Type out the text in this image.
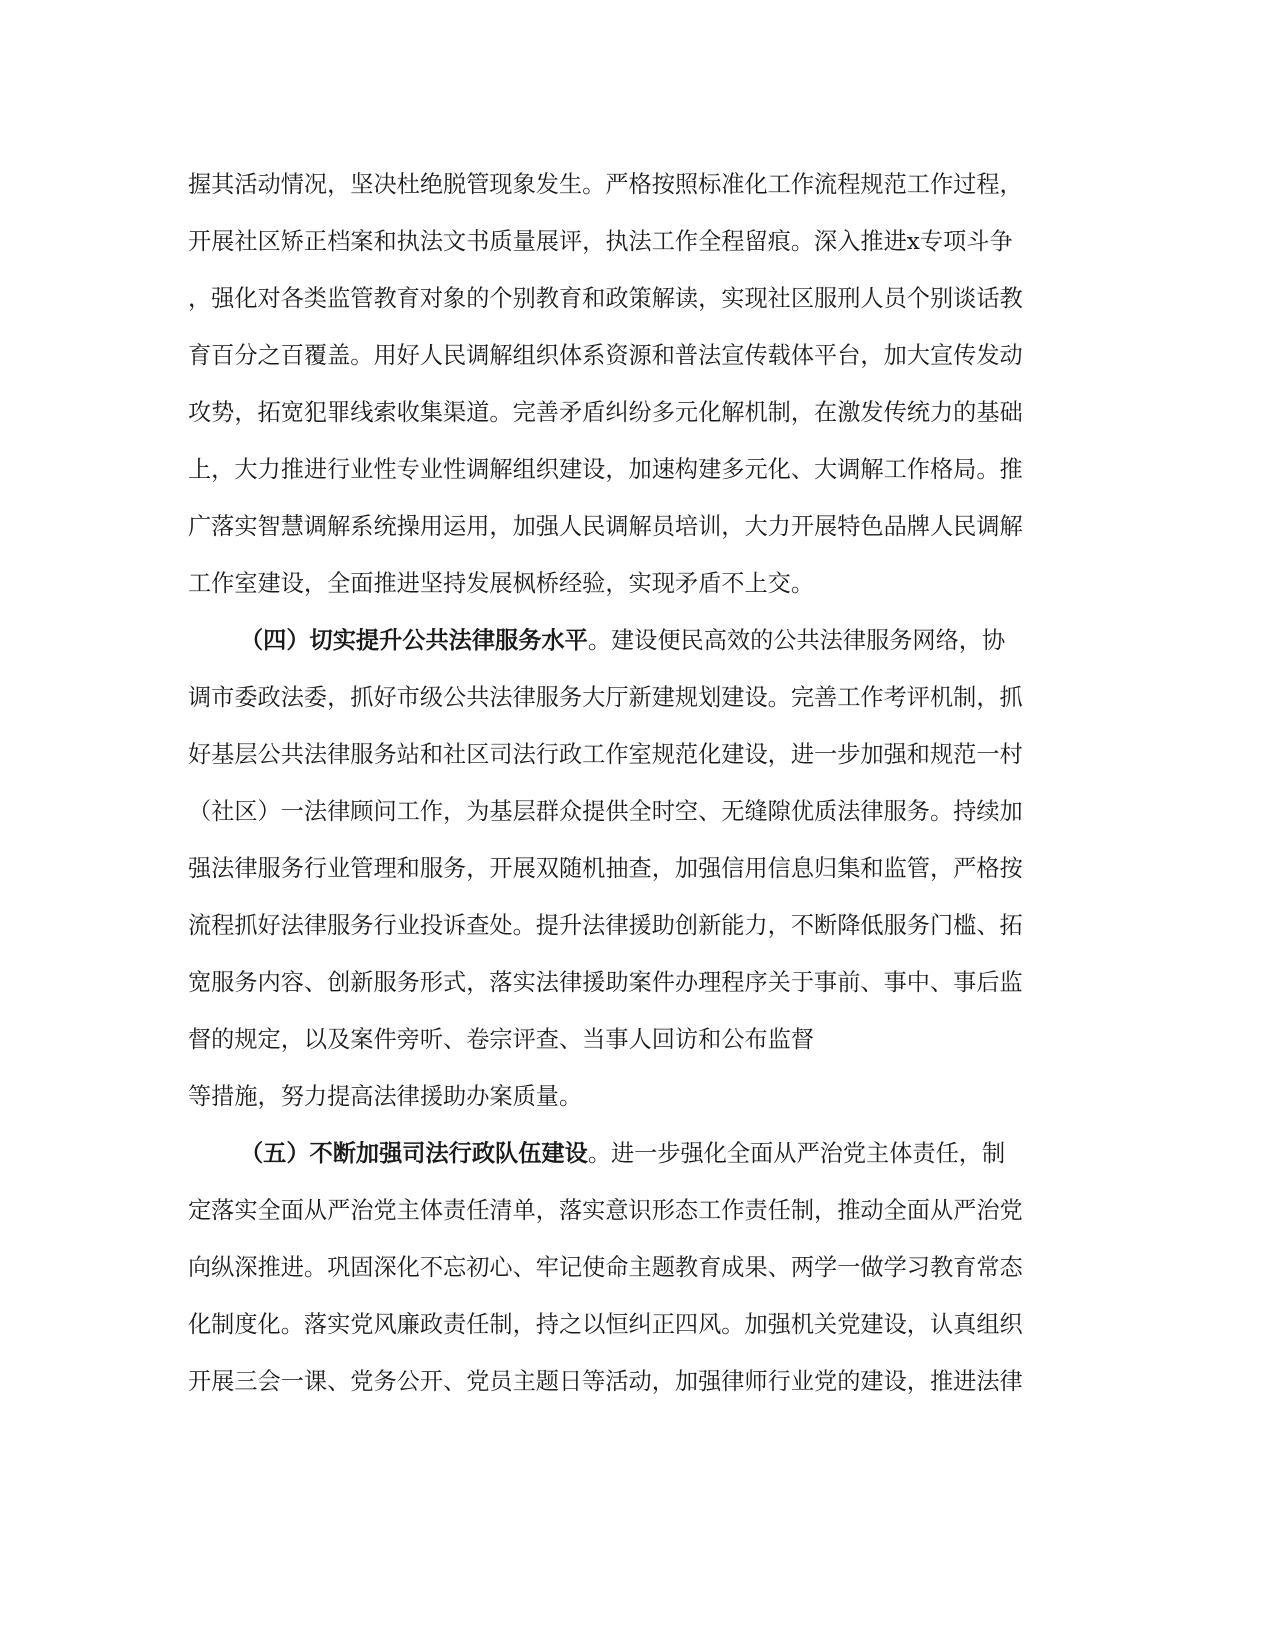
握其活动情况，坚决杜绝脱管现象发生。严格按照标准化工作流程规范工作过程，
开展社区矫正档案和执法文书质量展评，执法工作全程留痕。深入推进x专项斗争
，强化对各类监管教育对象的个别教育和政策解读，实现社区服刑人员个别谈话教
育百分之百覆盖。用好人民调解组织体系资源和普法宣传载体平台，加大宣传发动
攻势，拓宽犯罪线索收集渠道。完善矛盾纠纷多元化解机制，在激发传统力的基础
上，大力推进行业性专业性调解组织建设，加速构建多元化、大调解工作格局。推
广落实智慧调解系统操用运用，加强人民调解员培训，大力开展特色品牌人民调解
工作室建设，全面推进坚持发展枫桥经验，实现矛盾不上交。
（四）切实提升公共法律服务水平。建设便民高效的公共法律服务网络，协
调市委政法委，抓好市级公共法律服务大厅新建规划建设。完善工作考评机制，抓
好基层公共法律服务站和社区司法行政工作室规范化建设，进一步加强和规范一村
（社区）一法律顾问工作，为基层群众提供全时空、无缝隙优质法律服务。持续加
强法律服务行业管理和服务，开展双随机抽查，加强信用信息归集和监管，严格按
流程抓好法律服务行业投诉查处。提升法律援助创新能力，不断降低服务门槛、拓
宽服务内容、创新服务形式，落实法律援助案件办理程序关于事前、事中、事后监
督的规定，以及案件旁听、卷宗评查、当事人回访和公布监督
等措施，努力提高法律援助办案质量。
（五）不断加强司法行政队伍建设。进一步强化全面从严治党主体责任，制
定落实全面从严治党主体责任清单，落实意识形态工作责任制，推动全面从严治党
向纵深推进。巩固深化不忘初心、牢记使命主题教育成果、两学一做学习教育常态
化制度化。落实党风廉政责任制，持之以恒纠正四风。加强机关党建设，认真组织
开展三会一课、党务公开、党员主题日等活动，加强律师行业党的建设，推进法律
